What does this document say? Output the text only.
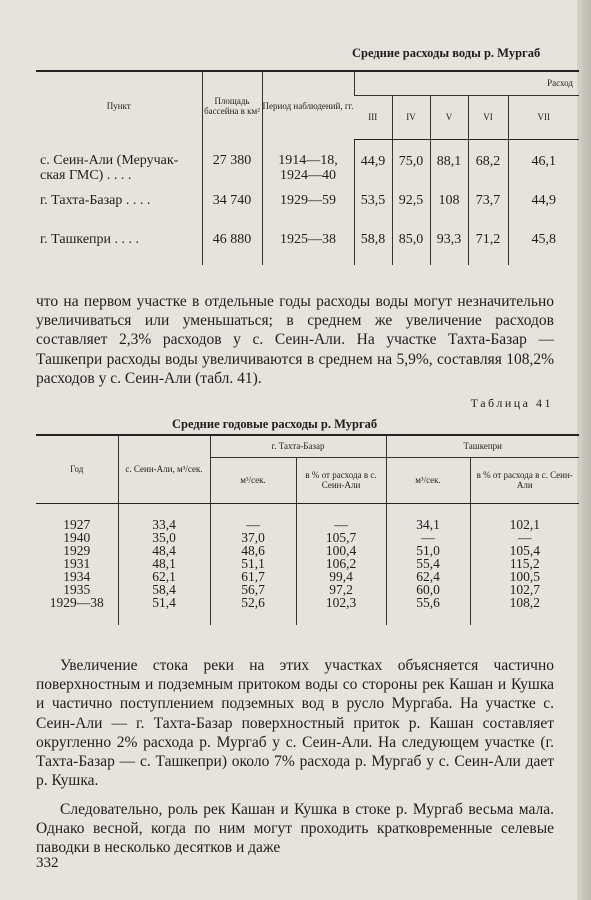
Средние расходы воды р. Мургаб
Пункт	Площадь бассейна в км²	Период наблюдений, гг.	Расход				
			III	IV	V	VI	VII
с. Сеин-Али (Меручак-ская ГМС) . . . .	27 380	1914—18, 1924—40	44,9	75,0	88,1	68,2	46,1
г. Тахта-Базар . . . .	34 740	1929—59	53,5	92,5	108	73,7	44,9
г. Ташкепри . . . .	46 880	1925—38	58,8	85,0	93,3	71,2	45,8

что на первом участке в отдельные годы расходы воды могут незначительно увеличиваться или уменьшаться; в среднем же увеличение расходов составляет 2,3% расходов у с. Сеин-Али. На участке Тахта-Базар — Ташкепри расходы воды увеличиваются в среднем на 5,9%, составляя 108,2% расходов у с. Сеин-Али (табл. 41).

Таблица 41
Средние годовые расходы р. Мургаб
Год	с. Сеин-Али, м³/сек.	г. Тахта-Базар		Ташкепри	
		м³/сек.	в % от расхода в с. Сеин-Али	м³/сек.	в % от расхода в с. Сеин-Али
1927	33,4	—	—	34,1	102,1
1940	35,0	37,0	105,7	—	—
1929	48,4	48,6	100,4	51,0	105,4
1931	48,1	51,1	106,2	55,4	115,2
1934	62,1	61,7	99,4	62,4	100,5
1935	58,4	56,7	97,2	60,0	102,7
1929—38	51,4	52,6	102,3	55,6	108,2

Увеличение стока реки на этих участках объясняется частично поверхностным и подземным притоком воды со стороны рек Кашан и Кушка и частично поступлением подземных вод в русло Мургаба. На участке с. Сеин-Али — г. Тахта-Базар поверхностный приток р. Кашан составляет округленно 2% расхода р. Мургаб у с. Сеин-Али. На следующем участке (г. Тахта-Базар — с. Ташкепри) около 7% расхода р. Мургаб у с. Сеин-Али дает р. Кушка.

Следовательно, роль рек Кашан и Кушка в стоке р. Мургаб весьма мала. Однако весной, когда по ним могут проходить кратковременные селевые паводки в несколько десятков и даже

332
